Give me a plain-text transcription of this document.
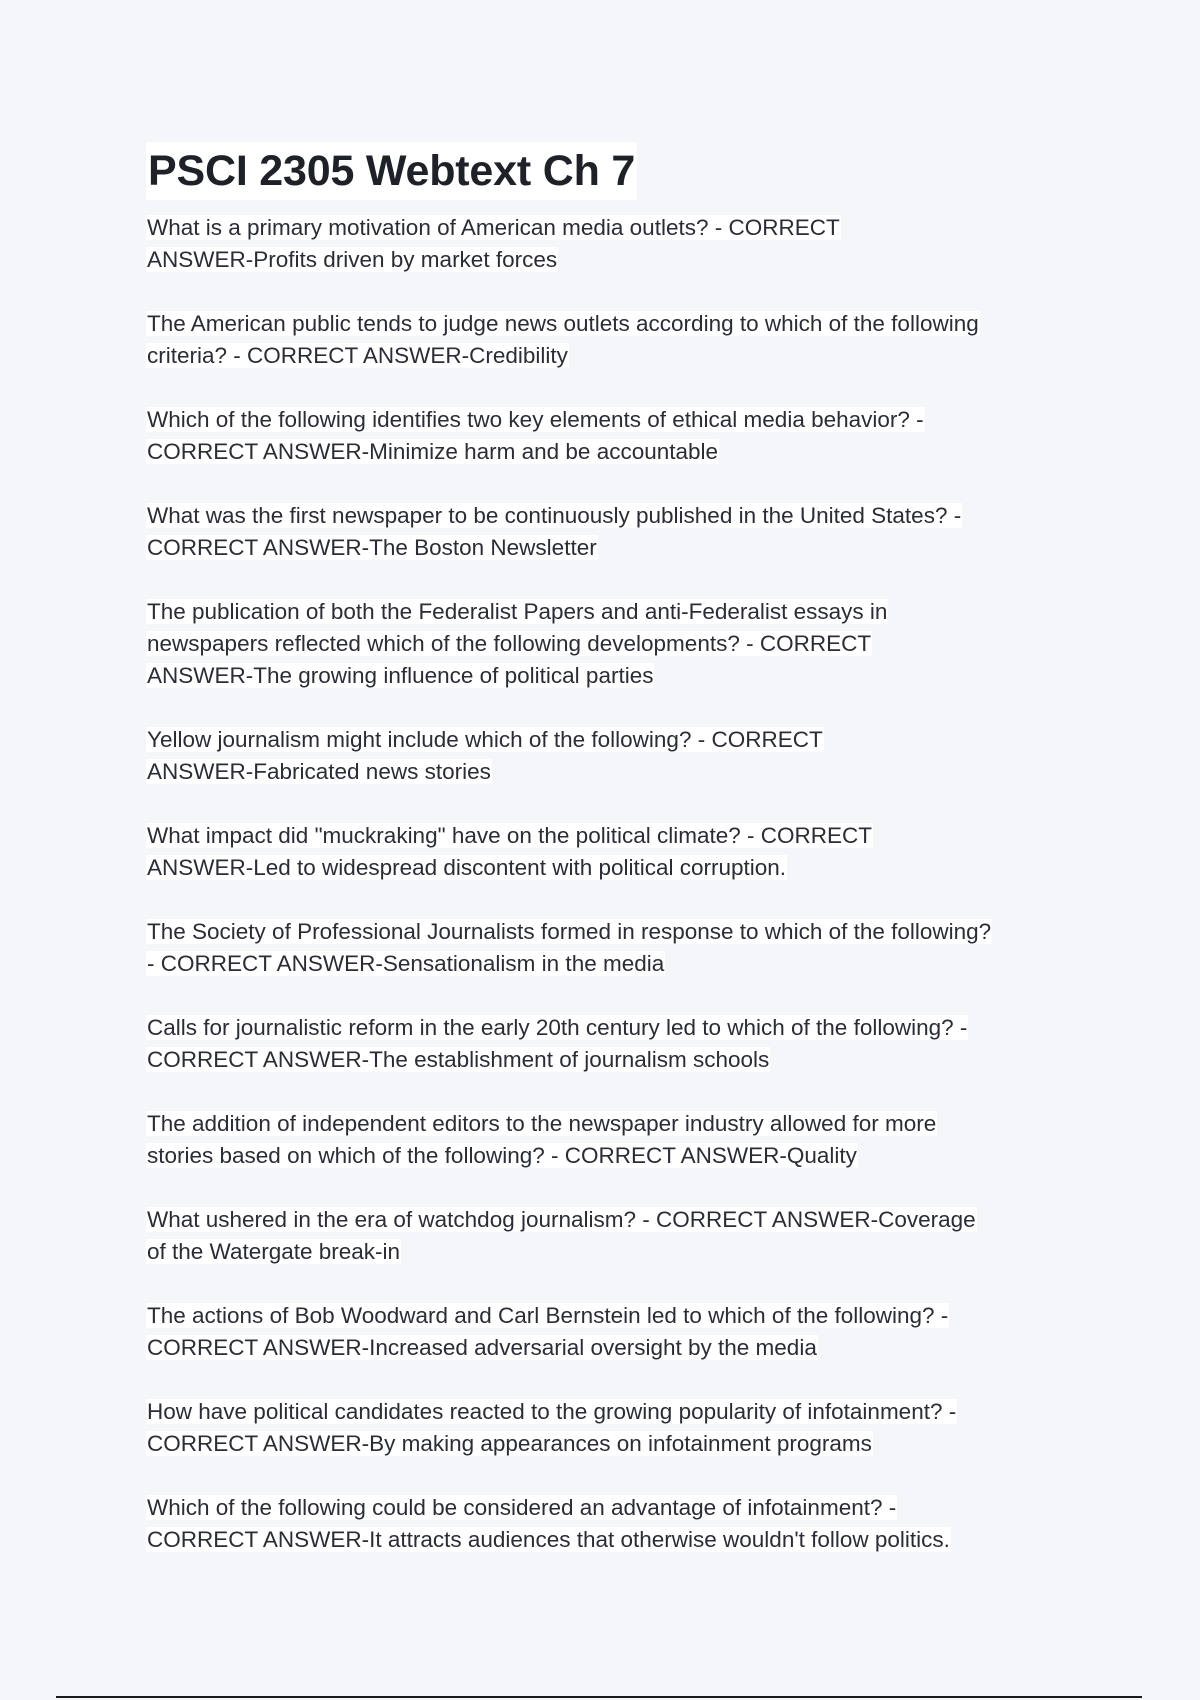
PSCI 2305 Webtext Ch 7

What is a primary motivation of American media outlets? - CORRECT
ANSWER-Profits driven by market forces

The American public tends to judge news outlets according to which of the following
criteria? - CORRECT ANSWER-Credibility

Which of the following identifies two key elements of ethical media behavior? -
CORRECT ANSWER-Minimize harm and be accountable

What was the first newspaper to be continuously published in the United States? -
CORRECT ANSWER-The Boston Newsletter

The publication of both the Federalist Papers and anti-Federalist essays in
newspapers reflected which of the following developments? - CORRECT
ANSWER-The growing influence of political parties

Yellow journalism might include which of the following? - CORRECT
ANSWER-Fabricated news stories

What impact did "muckraking" have on the political climate? - CORRECT
ANSWER-Led to widespread discontent with political corruption.

The Society of Professional Journalists formed in response to which of the following?
- CORRECT ANSWER-Sensationalism in the media

Calls for journalistic reform in the early 20th century led to which of the following? -
CORRECT ANSWER-The establishment of journalism schools

The addition of independent editors to the newspaper industry allowed for more
stories based on which of the following? - CORRECT ANSWER-Quality

What ushered in the era of watchdog journalism? - CORRECT ANSWER-Coverage
of the Watergate break-in

The actions of Bob Woodward and Carl Bernstein led to which of the following? -
CORRECT ANSWER-Increased adversarial oversight by the media

How have political candidates reacted to the growing popularity of infotainment? -
CORRECT ANSWER-By making appearances on infotainment programs

Which of the following could be considered an advantage of infotainment? -
CORRECT ANSWER-It attracts audiences that otherwise wouldn't follow politics.
